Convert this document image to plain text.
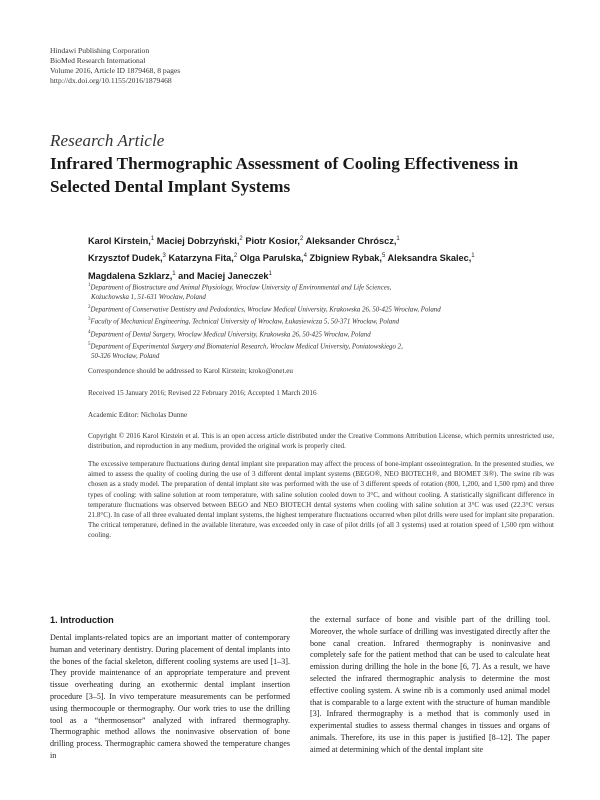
Hindawi Publishing Corporation
BioMed Research International
Volume 2016, Article ID 1879468, 8 pages
http://dx.doi.org/10.1155/2016/1879468
Research Article
Infrared Thermographic Assessment of Cooling Effectiveness in Selected Dental Implant Systems
Karol Kirstein,$^1$ Maciej Dobrzyński,$^2$ Piotr Kosior,$^2$ Aleksander Chróscz,$^1$
Krzysztof Dudek,$^3$ Katarzyna Fita,$^2$ Olga Parulska,$^4$ Zbigniew Rybak,$^5$ Aleksandra Skalec,$^1$
Magdalena Szklarz,$^1$ and Maciej Janeczek$^1$
$^1$Department of Biostructure and Animal Physiology, Wroclaw University of Environmental and Life Sciences,
Kożuchowska 1, 51-631 Wrocław, Poland
$^2$Department of Conservative Dentistry and Pedodontics, Wroclaw Medical University, Krakowska 26, 50-425 Wrocław, Poland
$^3$Faculty of Mechanical Engineering, Technical University of Wrocław, Łukasiewicza 5, 50-371 Wrocław, Poland
$^4$Department of Dental Surgery, Wroclaw Medical University, Krakowska 26, 50-425 Wrocław, Poland
$^5$Department of Experimental Surgery and Biomaterial Research, Wroclaw Medical University, Poniatowskiego 2,
50-326 Wrocław, Poland
Correspondence should be addressed to Karol Kirstein; kroko@onet.eu
Received 15 January 2016; Revised 22 February 2016; Accepted 1 March 2016
Academic Editor: Nicholas Dunne
Copyright © 2016 Karol Kirstein et al. This is an open access article distributed under the Creative Commons Attribution License, which permits unrestricted use, distribution, and reproduction in any medium, provided the original work is properly cited.
The excessive temperature fluctuations during dental implant site preparation may affect the process of bone-implant osseointegration. In the presented studies, we aimed to assess the quality of cooling during the use of 3 different dental implant systems (BEGO®, NEO BIOTECH®, and BIOMET 3i®). The swine rib was chosen as a study model. The preparation of dental implant site was performed with the use of 3 different speeds of rotation (800, 1,200, and 1,500 rpm) and three types of cooling: with saline solution at room temperature, with saline solution cooled down to 3°C, and without cooling. A statistically significant difference in temperature fluctuations was observed between BEGO and NEO BIOTECH dental systems when cooling with saline solution at 3°C was used (22.3°C versus 21.8°C). In case of all three evaluated dental implant systems, the highest temperature fluctuations occurred when pilot drills were used for implant site preparation. The critical temperature, defined in the available literature, was exceeded only in case of pilot drills (of all 3 systems) used at rotation speed of 1,500 rpm without cooling.
1. Introduction
Dental implants-related topics are an important matter of contemporary human and veterinary dentistry. During placement of dental implants into the bones of the facial skeleton, different cooling systems are used [1–3]. They provide maintenance of an appropriate temperature and prevent tissue overheating during an exothermic dental implant insertion procedure [3–5]. In vivo temperature measurements can be performed using thermocouple or thermography. Our work tries to use the drilling tool as a “thermosensor” analyzed with infrared thermography. Thermographic method allows the noninvasive observation of bone drilling process. Thermographic camera showed the temperature changes in
the external surface of bone and visible part of the drilling tool. Moreover, the whole surface of drilling was investigated directly after the bone canal creation. Infrared thermography is noninvasive and completely safe for the patient method that can be used to calculate heat emission during drilling the hole in the bone [6, 7]. As a result, we have selected the infrared thermographic analysis to determine the most effective cooling system. A swine rib is a commonly used animal model that is comparable to a large extent with the structure of human mandible [3]. Infrared thermography is a method that is commonly used in experimental studies to assess thermal changes in tissues and organs of animals. Therefore, its use in this paper is justified [8–12]. The paper aimed at determining which of the dental implant site
